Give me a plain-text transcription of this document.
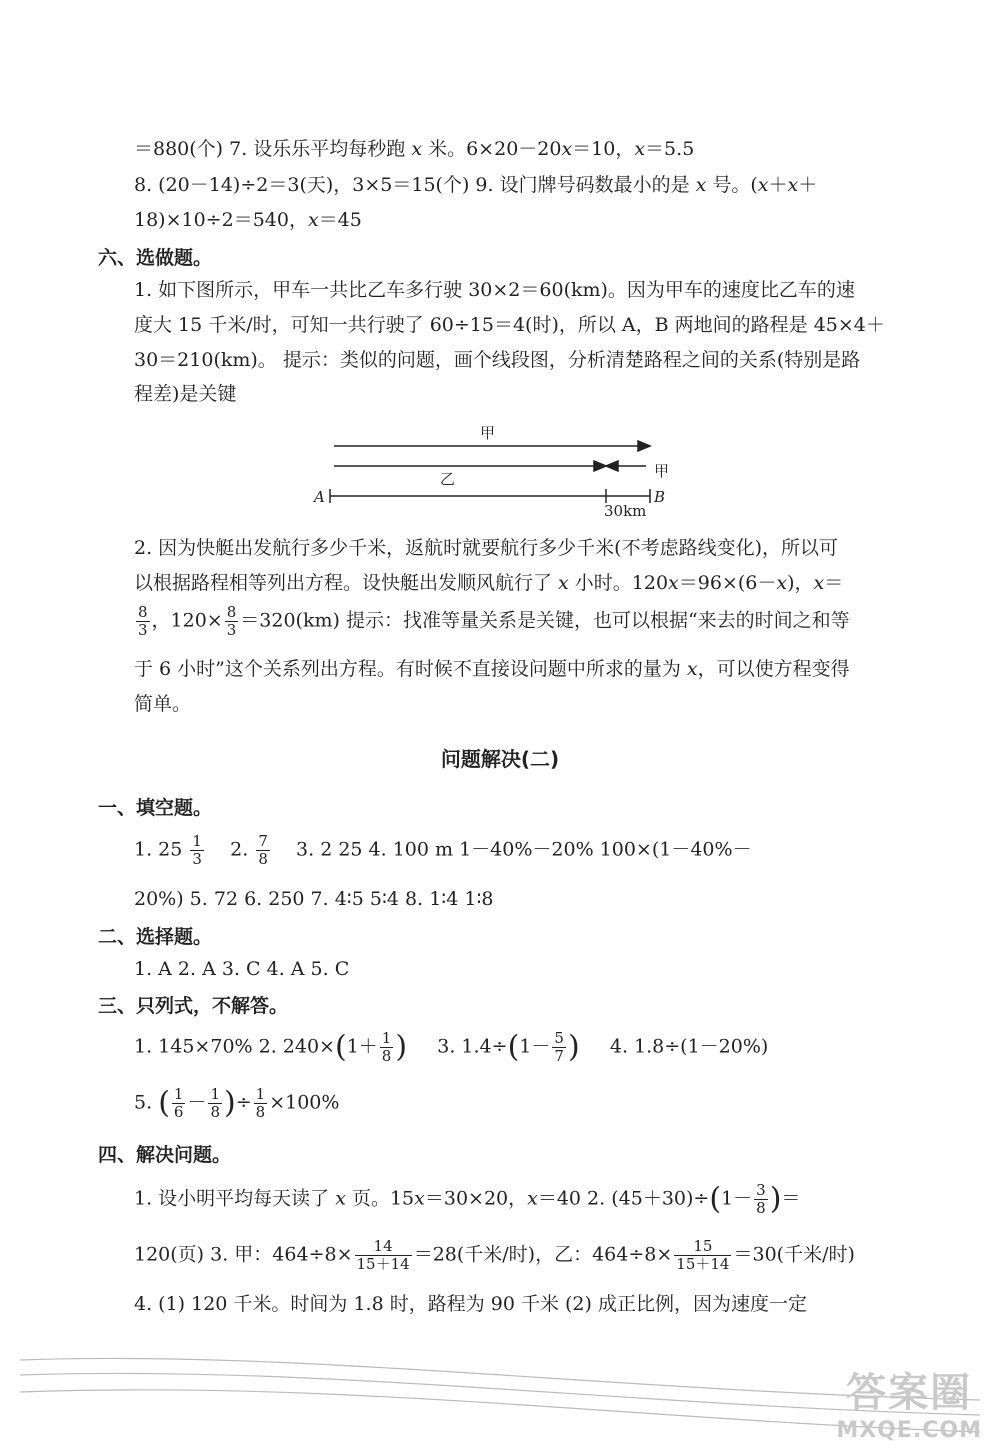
＝880(个) 7. 设乐乐平均每秒跑 𝑥 米。6×20－20𝑥＝10，𝑥＝5.5
8. (20－14)÷2＝3(天)，3×5＝15(个) 9. 设门牌号码数最小的是 𝑥 号。(𝑥＋𝑥＋
18)×10÷2＝540，𝑥＝45
六、选做题。
1. 如下图所示，甲车一共比乙车多行驶 30×2＝60(km)。因为甲车的速度比乙车的速
度大 15 千米/时，可知一共行驶了 60÷15＝4(时)，所以 A，B 两地间的路程是 45×4＋
30＝210(km)。 提示：类似的问题，画个线段图，分析清楚路程之间的关系(特别是路
程差)是关键
甲
乙	甲
A	B
30km
2. 因为快艇出发航行多少千米，返航时就要航行多少千米(不考虑路线变化)，所以可
以根据路程相等列出方程。设快艇出发顺风航行了 𝑥 小时。120𝑥＝96×(6－𝑥)，𝑥＝
$\frac{8}{3}$ ，$120\times \frac{8}{3} =320(km)$ 提示：找准等量关系是关键，也可以根据“来去的时间之和等
于 6 小时”这个关系列出方程。有时候不直接设问题中所求的量为 𝑥，可以使方程变得
简单。
问题解决(二)
一、填空题。
1. $25 \frac{1}{3} 2$. $\frac{7}{8} 3$. 2 25 4. 100 m 1－40%－20% 100×(1－40%－
20%) 5. 72 6. 250 7. 4∶5 5∶4 8. 1∶4 1∶8
二、选择题。
1. A 2. A 3. C 4. A 5. C
三、只列式，不解答。
1. 145×70% 2. $240\times(1+ \frac{1}{8}$ ) 3. $1.4\div(1- \frac{5}{7}$ ) 4. 1.8÷(1－20%)
5. ( $\frac{1}{6} - \frac{1}{8}$ )÷ $\frac{1}{8} \times 100\%$
四、解决问题。
1. 设小明平均每天读了 𝑥 页。15𝑥＝30×20，𝑥＝40 2. $(45+30)\div(1- \frac{3}{8}$ )＝
120(页) 3. 甲：$464\div 8\times \frac{14}{15+14} =28$(千米/时)，乙：$464\div 8\times \frac{15}{15+14} =30$(千米/时)
4. (1) 120 千米。时间为 1.8 时，路程为 90 千米 (2) 成正比例，因为速度一定
答案圈
MXQE.COM
